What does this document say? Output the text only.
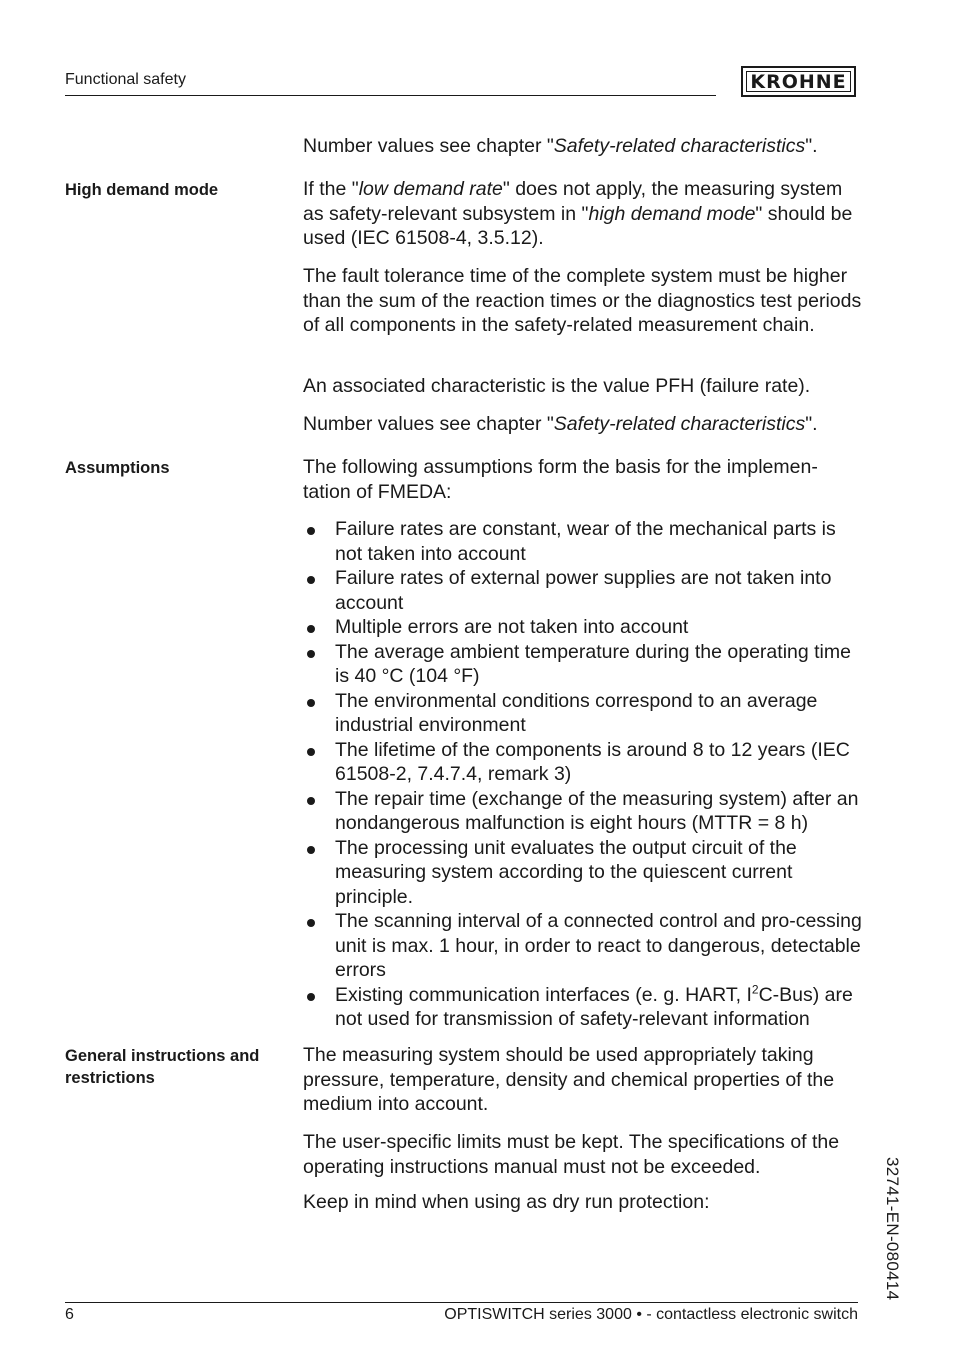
Functional safety	KROHNE
Number values see chapter "Safety-related characteristics".
High demand mode	If the "low demand rate" does not apply, the measuring system as safety-relevant subsystem in "high demand mode" should be used (IEC 61508-4, 3.5.12).
The fault tolerance time of the complete system must be higher than the sum of the reaction times or the diagnostics test periods of all components in the safety-related measurement chain.
An associated characteristic is the value PFH (failure rate).
Number values see chapter "Safety-related characteristics".
Assumptions	The following assumptions form the basis for the implemen-tation of FMEDA:
Failure rates are constant, wear of the mechanical parts is not taken into account
Failure rates of external power supplies are not taken into account
Multiple errors are not taken into account
The average ambient temperature during the operating time is 40 °C (104 °F)
The environmental conditions correspond to an average industrial environment
The lifetime of the components is around 8 to 12 years (IEC 61508-2, 7.4.7.4, remark 3)
The repair time (exchange of the measuring system) after an nondangerous malfunction is eight hours (MTTR = 8 h)
The processing unit evaluates the output circuit of the measuring system according to the quiescent current principle.
The scanning interval of a connected control and pro-cessing unit is max. 1 hour, in order to react to dangerous, detectable errors
Existing communication interfaces (e. g. HART, $I^2C-Bus$) are not used for transmission of safety-relevant information
General instructions and restrictions
The measuring system should be used appropriately taking pressure, temperature, density and chemical properties of the medium into account.
The user-specific limits must be kept. The specifications of the operating instructions manual must not be exceeded.
Keep in mind when using as dry run protection:	32741-EN-080414
6	OPTISWITCH series 3000 • - contactless electronic switch
